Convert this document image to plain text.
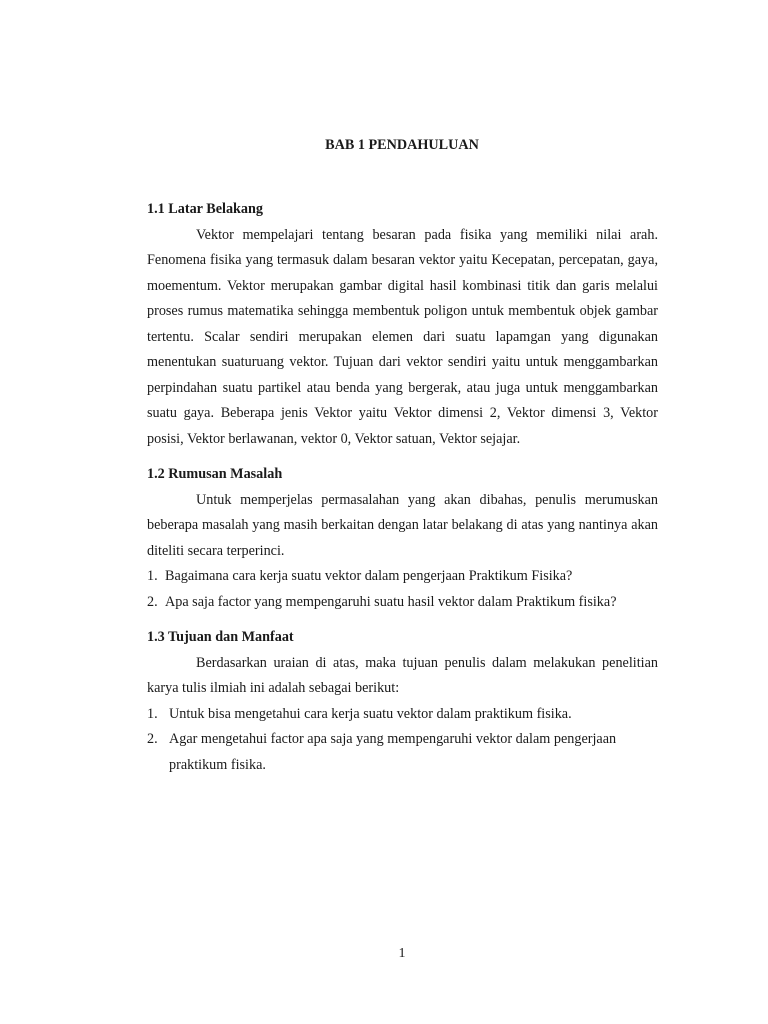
BAB 1 PENDAHULUAN

1.1 Latar Belakang

Vektor mempelajari tentang besaran pada fisika yang memiliki nilai arah. Fenomena fisika yang termasuk dalam besaran vektor yaitu Kecepatan, percepatan, gaya, moementum. Vektor merupakan gambar digital hasil kombinasi titik dan garis melalui proses rumus matematika sehingga membentuk poligon untuk membentuk objek gambar tertentu. Scalar sendiri merupakan elemen dari suatu lapamgan yang digunakan menentukan suaturuang vektor. Tujuan dari vektor sendiri yaitu untuk menggambarkan perpindahan suatu partikel atau benda yang bergerak, atau juga untuk menggambarkan suatu gaya. Beberapa jenis Vektor yaitu Vektor dimensi 2, Vektor dimensi 3, Vektor posisi, Vektor berlawanan, vektor 0, Vektor satuan, Vektor sejajar.

1.2 Rumusan Masalah

Untuk memperjelas permasalahan yang akan dibahas, penulis merumuskan beberapa masalah yang masih berkaitan dengan latar belakang di atas yang nantinya akan diteliti secara terperinci.

1. Bagaimana cara kerja suatu vektor dalam pengerjaan Praktikum Fisika?
2. Apa saja factor yang mempengaruhi suatu hasil vektor dalam Praktikum fisika?

1.3 Tujuan dan Manfaat

Berdasarkan uraian di atas, maka tujuan penulis dalam melakukan penelitian karya tulis ilmiah ini adalah sebagai berikut:

1. Untuk bisa mengetahui cara kerja suatu vektor dalam praktikum fisika.
2. Agar mengetahui factor apa saja yang mempengaruhi vektor dalam pengerjaan praktikum fisika.
1
